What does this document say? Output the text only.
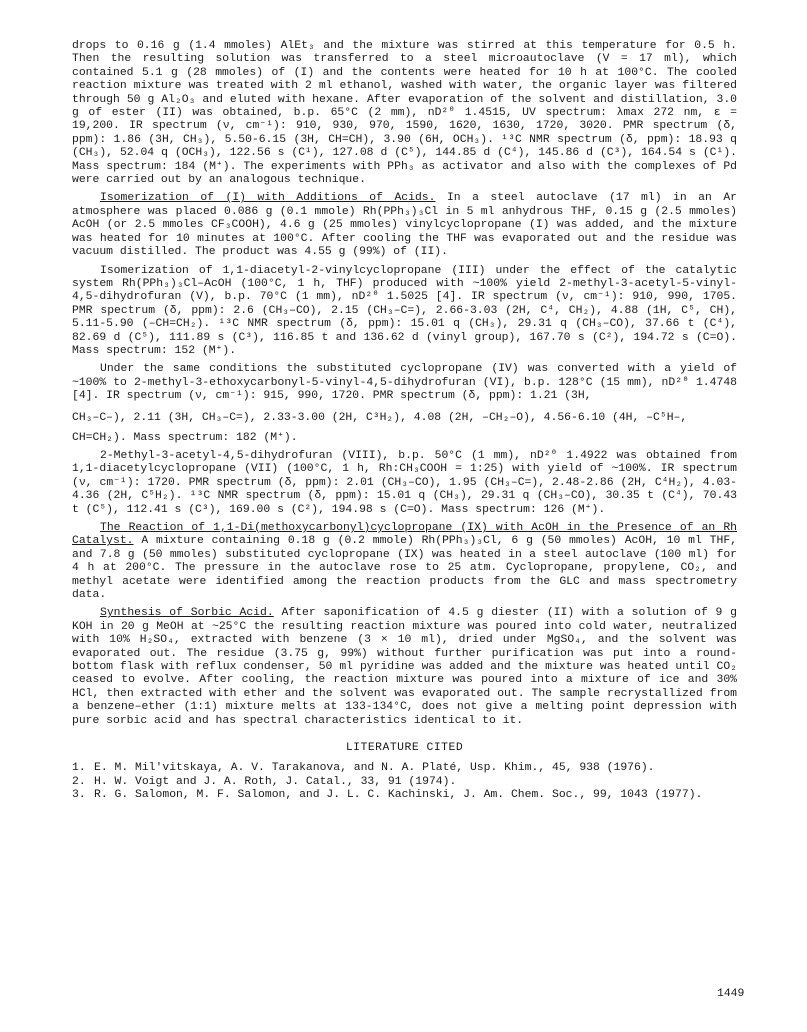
drops to 0.16 g (1.4 mmoles) AlEt₃ and the mixture was stirred at this temperature for 0.5 h. Then the resulting solution was transferred to a steel microautoclave (V = 17 ml), which contained 5.1 g (28 mmoles) of (I) and the contents were heated for 10 h at 100°C. The cooled reaction mixture was treated with 2 ml ethanol, washed with water, the organic layer was filtered through 50 g Al₂O₃ and eluted with hexane. After evaporation of the solvent and distillation, 3.0 g of ester (II) was obtained, b.p. 65°C (2 mm), nD²⁰ 1.4515, UV spectrum: λmax 272 nm, ε = 19,200. IR spectrum (ν, cm⁻¹): 910, 930, 970, 1590, 1620, 1630, 1720, 3020. PMR spectrum (δ, ppm): 1.86 (3H, CH₃), 5.50-6.15 (3H, CH=CH), 3.90 (6H, OCH₃). ¹³C NMR spectrum (δ, ppm): 18.93 q (CH₃), 52.04 q (OCH₃), 122.56 s (C¹), 127.08 d (C⁵), 144.85 d (C⁴), 145.86 d (C³), 164.54 s (C¹). Mass spectrum: 184 (M⁺). The experiments with PPh₃ as activator and also with the complexes of Pd were carried out by an analogous technique.

Isomerization of (I) with Additions of Acids. In a steel autoclave (17 ml) in an Ar atmosphere was placed 0.086 g (0.1 mmole) Rh(PPh₃)₃Cl in 5 ml anhydrous THF, 0.15 g (2.5 mmoles) AcOH (or 2.5 mmoles CF₃COOH), 4.6 g (25 mmoles) vinylcyclopropane (I) was added, and the mixture was heated for 10 minutes at 100°C. After cooling the THF was evaporated out and the residue was vacuum distilled. The product was 4.55 g (99%) of (II).

Isomerization of 1,1-diacetyl-2-vinylcyclopropane (III) under the effect of the catalytic system Rh(PPh₃)₃Cl–AcOH (100°C, 1 h, THF) produced with ~100% yield 2-methyl-3-acetyl-5-vinyl-4,5-dihydrofuran (V), b.p. 70°C (1 mm), nD²⁰ 1.5025 [4]. IR spectrum (ν, cm⁻¹): 910, 990, 1705. PMR spectrum (δ, ppm): 2.6 (CH₃–CO), 2.15 (CH₃–C=), 2.66-3.03 (2H, C⁴, CH₂), 4.88 (1H, C⁵, CH), 5.11-5.90 (–CH=CH₂). ¹³C NMR spectrum (δ, ppm): 15.01 q (CH₃), 29.31 q (CH₃–CO), 37.66 t (C⁴), 82.69 d (C⁵), 111.89 s (C³), 116.85 t and 136.62 d (vinyl group), 167.70 s (C²), 194.72 s (C=O). Mass spectrum: 152 (M⁺).

Under the same conditions the substituted cyclopropane (IV) was converted with a yield of ~100% to 2-methyl-3-ethoxycarbonyl-5-vinyl-4,5-dihydrofuran (VI), b.p. 128°C (15 mm), nD²⁰ 1.4748 [4]. IR spectrum (ν, cm⁻¹): 915, 990, 1720. PMR spectrum (δ, ppm): 1.21 (3H,

CH₃–C–), 2.11 (3H, CH₃–C=), 2.33-3.00 (2H, C³H₂), 4.08 (2H, –CH₂–O), 4.56-6.10 (4H, –C⁵H–,

CH=CH₂). Mass spectrum: 182 (M⁺).

2-Methyl-3-acetyl-4,5-dihydrofuran (VIII), b.p. 50°C (1 mm), nD²⁰ 1.4922 was obtained from 1,1-diacetylcyclopropane (VII) (100°C, 1 h, Rh:CH₃COOH = 1:25) with yield of ~100%. IR spectrum (ν, cm⁻¹): 1720. PMR spectrum (δ, ppm): 2.01 (CH₃–CO), 1.95 (CH₃–C=), 2.48-2.86 (2H, C⁴H₂), 4.03-4.36 (2H, C⁵H₂). ¹³C NMR spectrum (δ, ppm): 15.01 q (CH₃), 29.31 q (CH₃–CO), 30.35 t (C⁴), 70.43 t (C⁵), 112.41 s (C³), 169.00 s (C²), 194.98 s (C=O). Mass spectrum: 126 (M⁺).

The Reaction of 1,1-Di(methoxycarbonyl)cyclopropane (IX) with AcOH in the Presence of an Rh Catalyst. A mixture containing 0.18 g (0.2 mmole) Rh(PPh₃)₃Cl, 6 g (50 mmoles) AcOH, 10 ml THF, and 7.8 g (50 mmoles) substituted cyclopropane (IX) was heated in a steel autoclave (100 ml) for 4 h at 200°C. The pressure in the autoclave rose to 25 atm. Cyclopropane, propylene, CO₂, and methyl acetate were identified among the reaction products from the GLC and mass spectrometry data.

Synthesis of Sorbic Acid. After saponification of 4.5 g diester (II) with a solution of 9 g KOH in 20 g MeOH at ~25°C the resulting reaction mixture was poured into cold water, neutralized with 10% H₂SO₄, extracted with benzene (3 × 10 ml), dried under MgSO₄, and the solvent was evaporated out. The residue (3.75 g, 99%) without further purification was put into a round-bottom flask with reflux condenser, 50 ml pyridine was added and the mixture was heated until CO₂ ceased to evolve. After cooling, the reaction mixture was poured into a mixture of ice and 30% HCl, then extracted with ether and the solvent was evaporated out. The sample recrystallized from a benzene–ether (1:1) mixture melts at 133-134°C, does not give a melting point depression with pure sorbic acid and has spectral characteristics identical to it.

LITERATURE CITED
1. E. M. Mil'vitskaya, A. V. Tarakanova, and N. A. Platé, Usp. Khim., 45, 938 (1976).
2. H. W. Voigt and J. A. Roth, J. Catal., 33, 91 (1974).
3. R. G. Salomon, M. F. Salomon, and J. L. C. Kachinski, J. Am. Chem. Soc., 99, 1043 (1977).
1449
